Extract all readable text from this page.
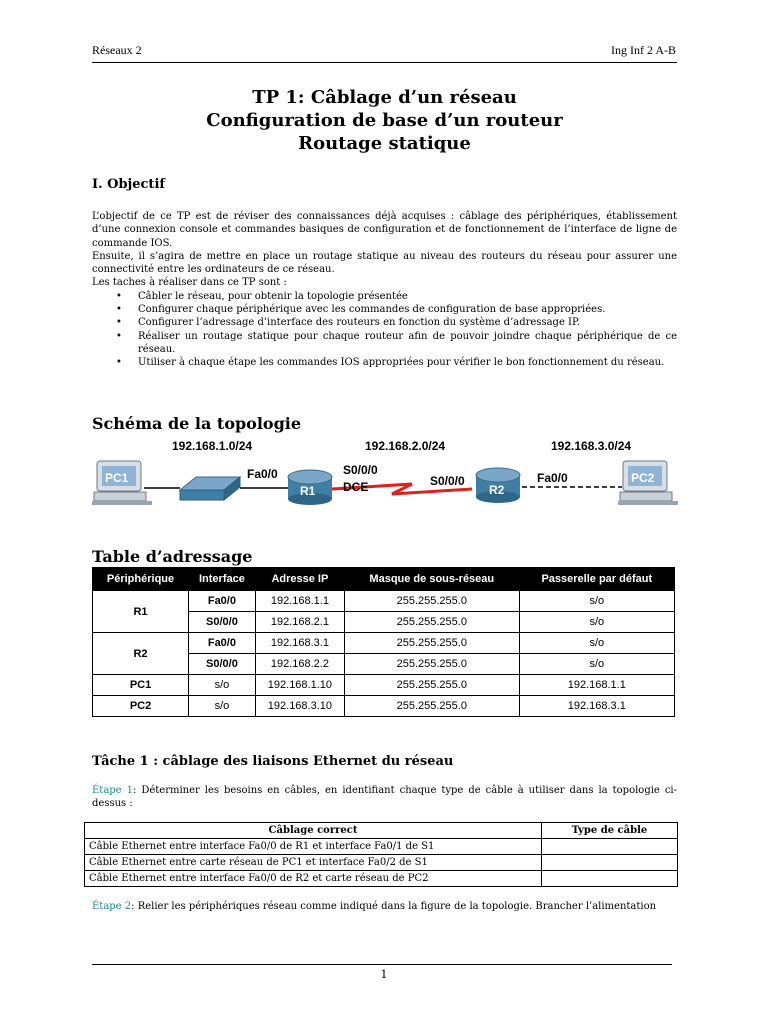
Réseaux 2	Ing Inf 2 A-B
TP 1: Câblage d’un réseau
Configuration de base d’un routeur
Routage statique
I. Objectif

L’objectif de ce TP est de réviser des connaissances déjà acquises : câblage des périphériques, établissement d’une connexion console et commandes basiques de configuration et de fonctionnement de l’interface de ligne de commande IOS.

Ensuite, il s’agira de mettre en place un routage statique au niveau des routeurs du réseau pour assurer une connectivité entre les ordinateurs de ce réseau.

Les taches à réaliser dans ce TP sont :

• Câbler le réseau, pour obtenir la topologie présentée
• Configurer chaque périphérique avec les commandes de configuration de base appropriées.
• Configurer l’adressage d’interface des routeurs en fonction du système d’adressage IP.
• Réaliser un routage statique pour chaque routeur afin de pouvoir joindre chaque périphérique de ce réseau.
• Utiliser à chaque étape les commandes IOS appropriées pour vérifier le bon fonctionnement du réseau.
Schéma de la topologie
192.168.1.0/24	192.168.2.0/24	192.168.3.0/24
PC1
R1	R2
PC2
Fa0/0	S0/0/0
DCE	S0/0/0	Fa0/0
Table d’adressage
Périphérique	Interface	Adresse IP	Masque de sous-réseau	Passerelle par défaut
R1	Fa0/0	192.168.1.1	255.255.255.0	s/o
	S0/0/0	192.168.2.1	255.255.255.0	s/o
R2	Fa0/0	192.168.3.1	255.255.255.0	s/o
	S0/0/0	192.168.2.2	255.255.255.0	s/o
PC1	s/o	192.168.1.10	255.255.255.0	192.168.1.1
PC2	s/o	192.168.3.10	255.255.255.0	192.168.3.1
Tâche 1 : câblage des liaisons Ethernet du réseau
Étape 1: Déterminer les besoins en câbles, en identifiant chaque type de câble à utiliser dans la topologie ci-dessus :
Câblage correct	Type de câble
Câble Ethernet entre interface Fa0/0 de R1 et interface Fa0/1 de S1	
Câble Ethernet entre carte réseau de PC1 et interface Fa0/2 de S1	
Câble Ethernet entre interface Fa0/0 de R2 et carte réseau de PC2	
Étape 2: Relier les périphériques réseau comme indiqué dans la figure de la topologie. Brancher l’alimentation
1
